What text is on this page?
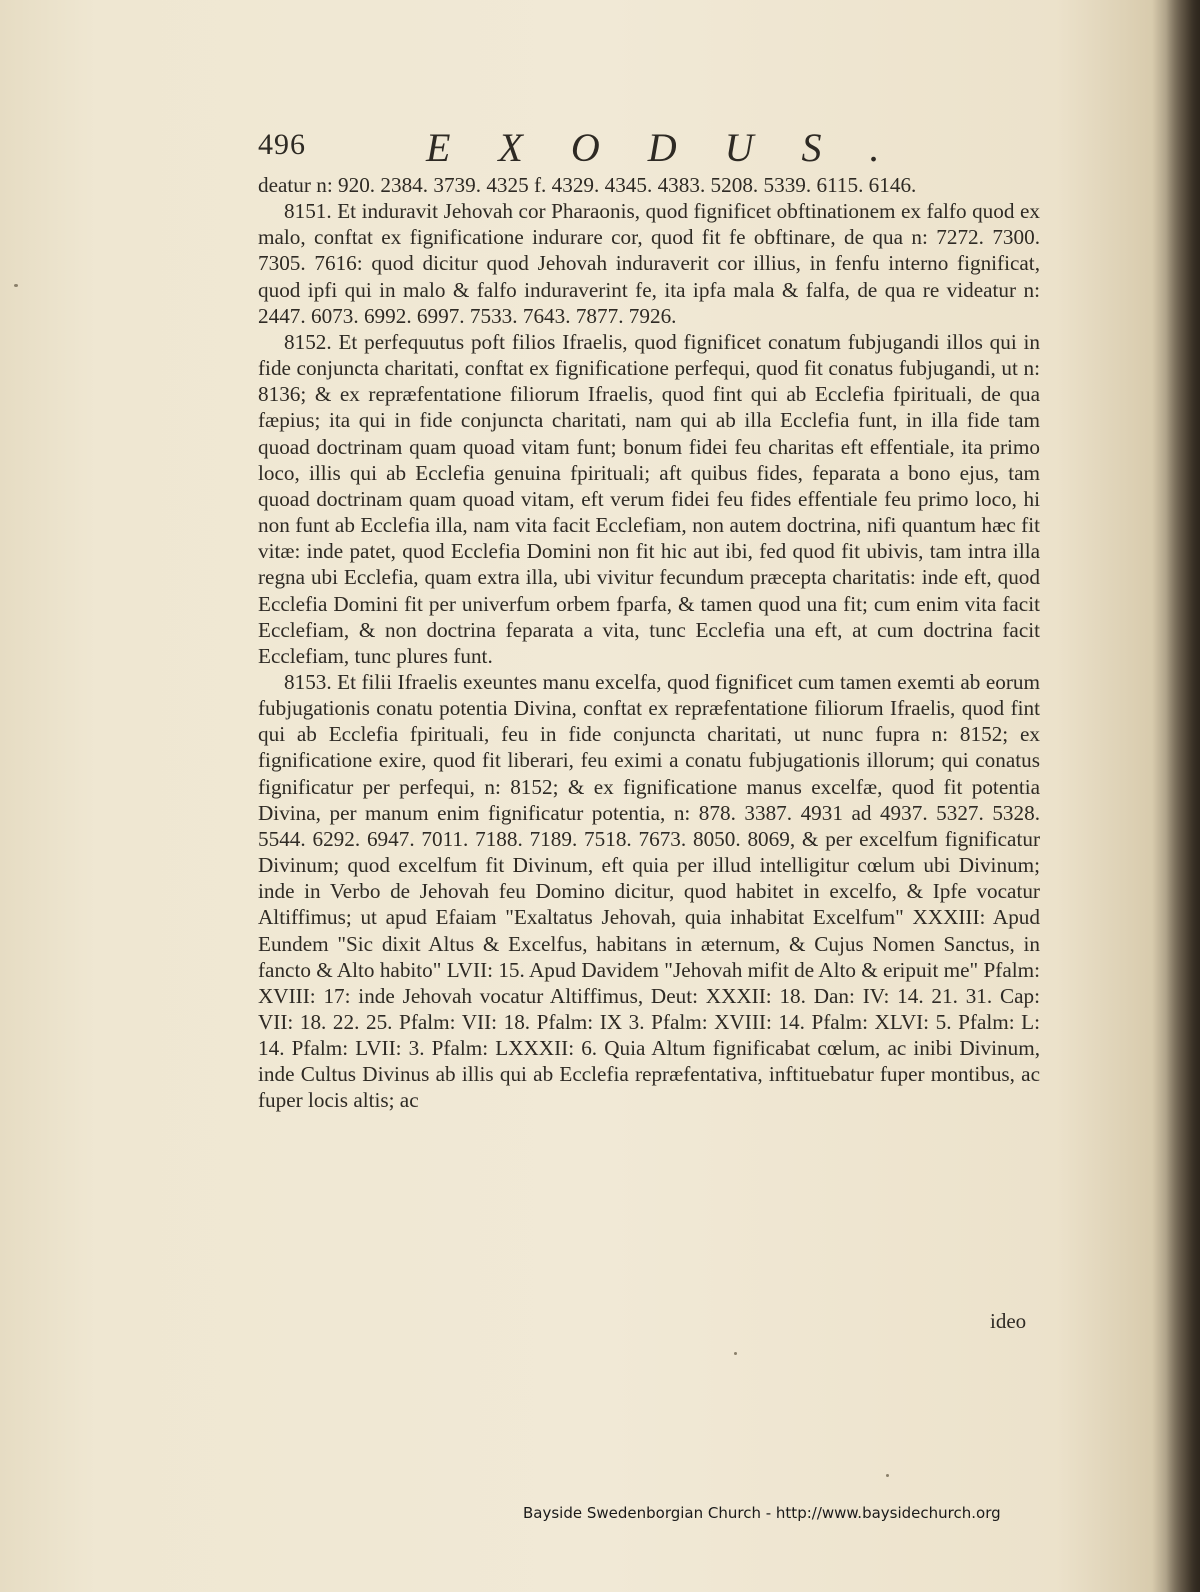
496	EXODUS.

deatur n: 920. 2384. 3739. 4325 f. 4329. 4345. 4383. 5208. 5339. 6115. 6146.

8151. Et induravit Jehovah cor Pharaonis, quod fignificet obftinationem ex falfo quod ex malo, conftat ex fignificatione indurare cor, quod fit fe obftinare, de qua n: 7272. 7300. 7305. 7616: quod dicitur quod Jehovah induraverit cor illius, in fenfu interno fignificat, quod ipfi qui in malo & falfo induraverint fe, ita ipfa mala & falfa, de qua re videatur n: 2447. 6073. 6992. 6997. 7533. 7643. 7877. 7926.

8152. Et perfequutus poft filios Ifraelis, quod fignificet conatum fubjugandi illos qui in fide conjuncta charitati, conftat ex fignificatione perfequi, quod fit conatus fubjugandi, ut n: 8136; & ex repræfentatione filiorum Ifraelis, quod fint qui ab Ecclefia fpirituali, de qua fæpius; ita qui in fide conjuncta charitati, nam qui ab illa Ecclefia funt, in illa fide tam quoad doctrinam quam quoad vitam funt; bonum fidei feu charitas eft effentiale, ita primo loco, illis qui ab Ecclefia genuina fpirituali; aft quibus fides, feparata a bono ejus, tam quoad doctrinam quam quoad vitam, eft verum fidei feu fides effentiale feu primo loco, hi non funt ab Ecclefia illa, nam vita facit Ecclefiam, non autem doctrina, nifi quantum hæc fit vitæ: inde patet, quod Ecclefia Domini non fit hic aut ibi, fed quod fit ubivis, tam intra illa regna ubi Ecclefia, quam extra illa, ubi vivitur fecundum præcepta charitatis: inde eft, quod Ecclefia Domini fit per univerfum orbem fparfa, & tamen quod una fit; cum enim vita facit Ecclefiam, & non doctrina feparata a vita, tunc Ecclefia una eft, at cum doctrina facit Ecclefiam, tunc plures funt.

8153. Et filii Ifraelis exeuntes manu excelfa, quod fignificet cum tamen exemti ab eorum fubjugationis conatu potentia Divina, conftat ex repræfentatione filiorum Ifraelis, quod fint qui ab Ecclefia fpirituali, feu in fide conjuncta charitati, ut nunc fupra n: 8152; ex fignificatione exire, quod fit liberari, feu eximi a conatu fubjugationis illorum; qui conatus fignificatur per perfequi, n: 8152; & ex fignificatione manus excelfæ, quod fit potentia Divina, per manum enim fignificatur potentia, n: 878. 3387. 4931 ad 4937. 5327. 5328. 5544. 6292. 6947. 7011. 7188. 7189. 7518. 7673. 8050. 8069, & per excelfum fignificatur Divinum; quod excelfum fit Divinum, eft quia per illud intelligitur cœlum ubi Divinum; inde in Verbo de Jehovah feu Domino dicitur, quod habitet in excelfo, & Ipfe vocatur Altiffimus; ut apud Efaiam "Exaltatus Jehovah, quia inhabitat Excelfum" XXXIII: Apud Eundem "Sic dixit Altus & Excelfus, habitans in æternum, & Cujus Nomen Sanctus, in fancto & Alto habito" LVII: 15. Apud Davidem "Jehovah mifit de Alto & eripuit me" Pfalm: XVIII: 17: inde Jehovah vocatur Altiffimus, Deut: XXXII: 18. Dan: IV: 14. 21. 31. Cap: VII: 18. 22. 25. Pfalm: VII: 18. Pfalm: IX 3. Pfalm: XVIII: 14. Pfalm: XLVI: 5. Pfalm: L: 14. Pfalm: LVII: 3. Pfalm: LXXXII: 6. Quia Altum fignificabat cœlum, ac inibi Divinum, inde Cultus Divinus ab illis qui ab Ecclefia repræfentativa, inftituebatur fuper montibus, ac fuper locis altis; ac

ideo
Bayside Swedenborgian Church - http://www.baysidechurch.org
